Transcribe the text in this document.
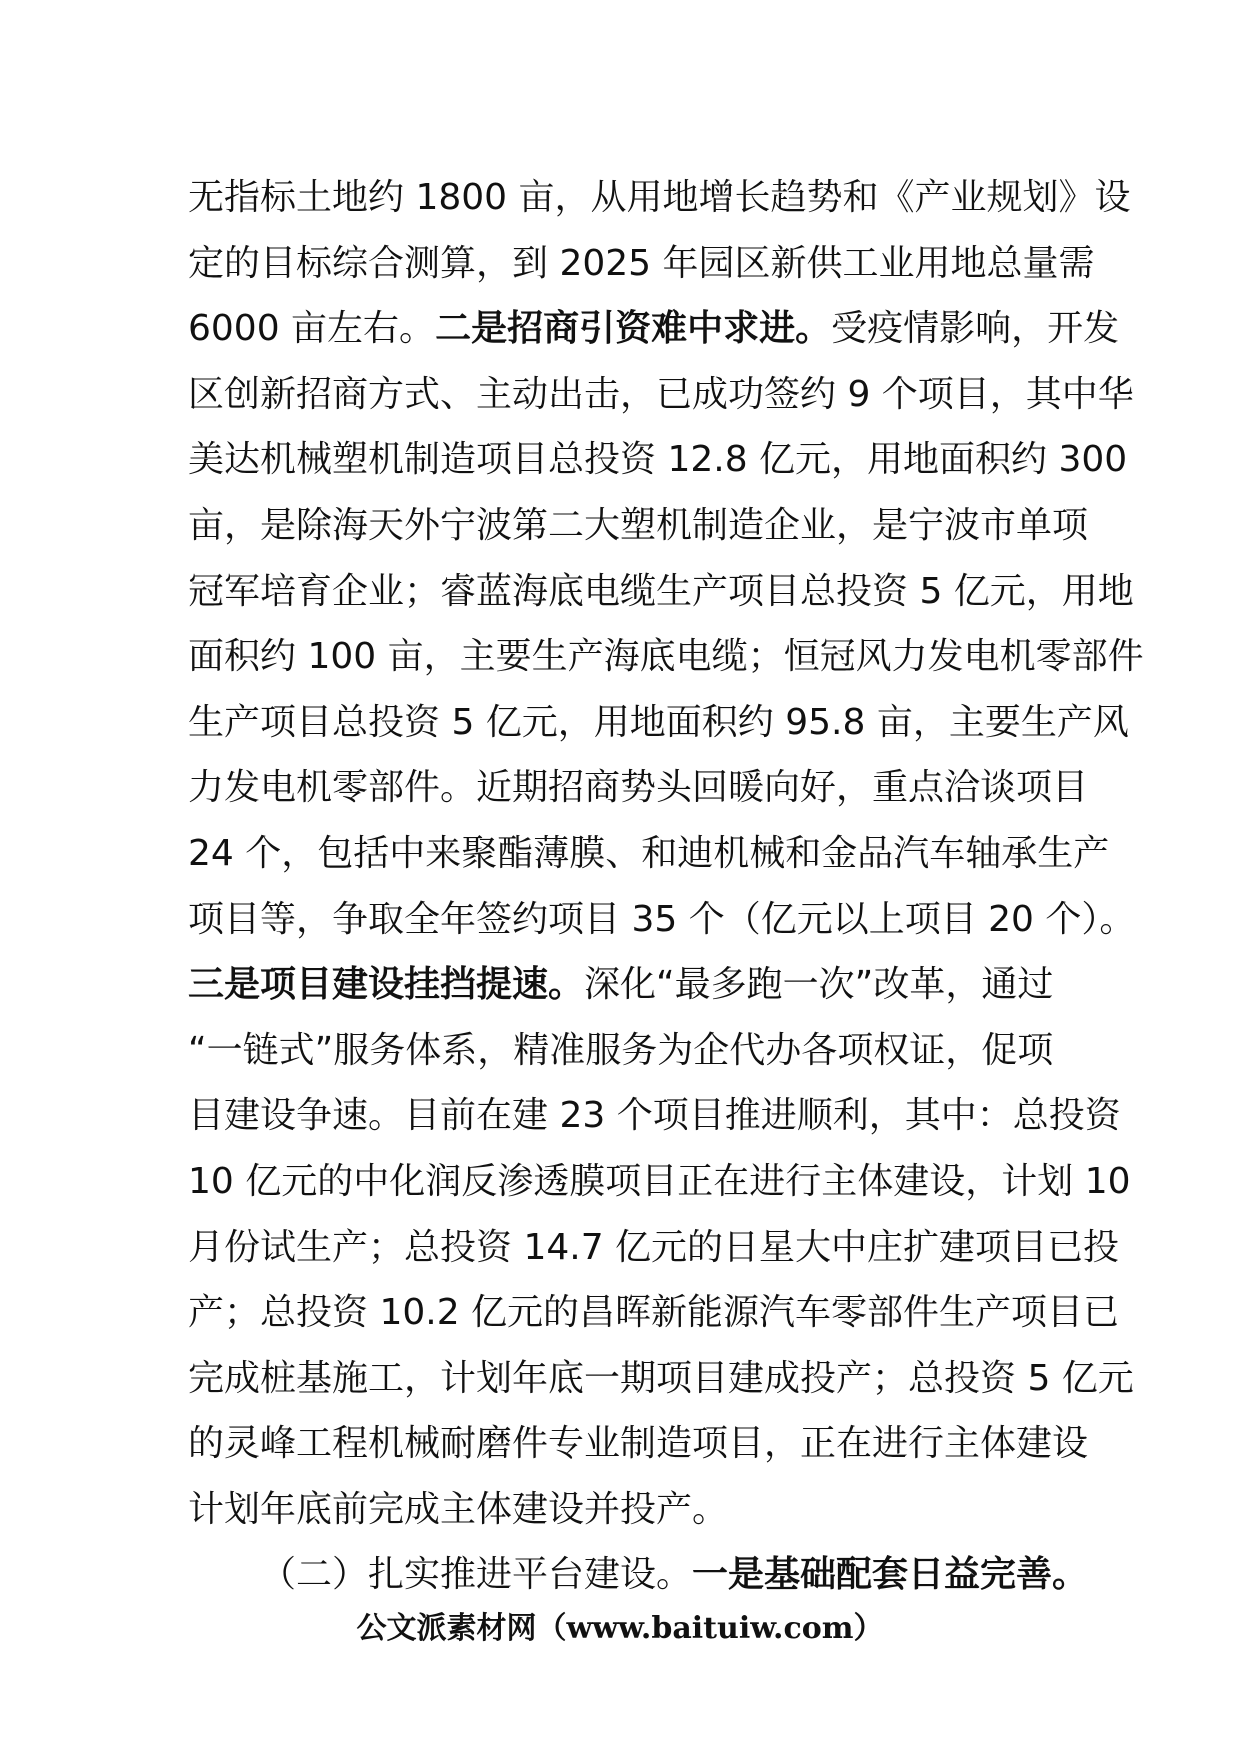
无指标土地约 1800 亩，从用地增长趋势和《产业规划》设
定的目标综合测算，到 2025 年园区新供工业用地总量需
6000 亩左右。二是招商引资难中求进。受疫情影响，开发
区创新招商方式、主动出击，已成功签约 9 个项目，其中华
美达机械塑机制造项目总投资 12.8 亿元，用地面积约 300
亩，是除海天外宁波第二大塑机制造企业，是宁波市单项
冠军培育企业；睿蓝海底电缆生产项目总投资 5 亿元，用地
面积约 100 亩，主要生产海底电缆；恒冠风力发电机零部件
生产项目总投资 5 亿元，用地面积约 95.8 亩，主要生产风
力发电机零部件。近期招商势头回暖向好，重点洽谈项目
24 个，包括中来聚酯薄膜、和迪机械和金品汽车轴承生产
项目等，争取全年签约项目 35 个（亿元以上项目 20 个）。
三是项目建设挂挡提速。深化“最多跑一次”改革，通过
“一链式”服务体系，精准服务为企代办各项权证，促项
目建设争速。目前在建 23 个项目推进顺利，其中：总投资
10 亿元的中化润反渗透膜项目正在进行主体建设，计划 10
月份试生产；总投资 14.7 亿元的日星大中庄扩建项目已投
产；总投资 10.2 亿元的昌晖新能源汽车零部件生产项目已
完成桩基施工，计划年底一期项目建成投产；总投资 5 亿元
的灵峰工程机械耐磨件专业制造项目，正在进行主体建设
计划年底前完成主体建设并投产。
（二）扎实推进平台建设。一是基础配套日益完善。
公文派素材网（www.baituiw.com）
